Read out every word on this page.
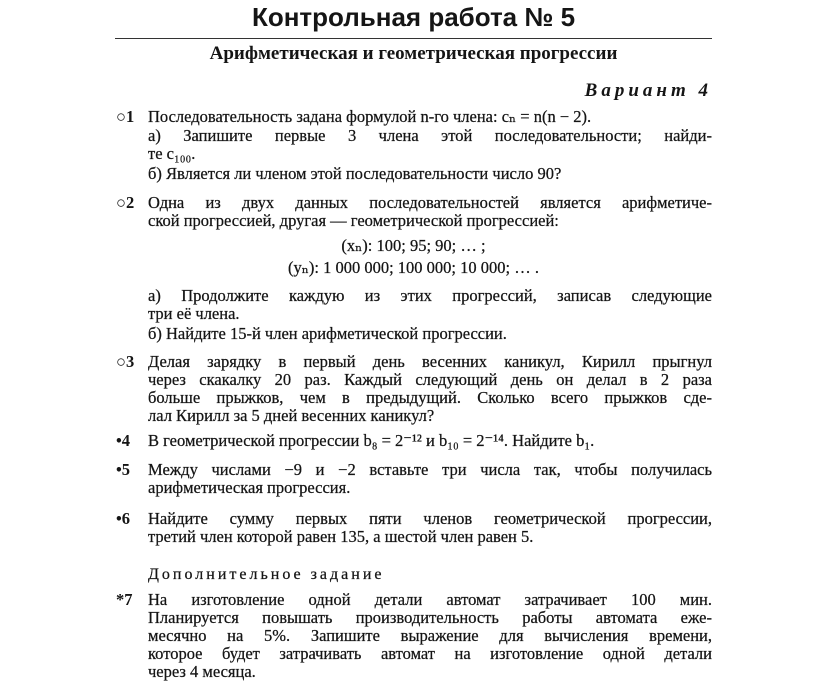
Контрольная работа № 5
Арифметическая и геометрическая прогрессии
Вариант 4
Дополнительное задание
○1 Последовательность задана формулой n-го члена: cₙ = n(n − 2).
а) Запишите первые 3 члена этой последовательности; найди-
те c₁₀₀.
б) Является ли членом этой последовательности число 90?
○2 Одна из двух данных последовательностей является арифметиче-
ской прогрессией, другая — геометрической прогрессией:
(xₙ): 100; 95; 90; … ;
(yₙ): 1 000 000; 100 000; 10 000; … .
а) Продолжите каждую из этих прогрессий, записав следующие
три её члена.
б) Найдите 15-й член арифметической прогрессии.
○3 Делая зарядку в первый день весенних каникул, Кирилл прыгнул
через скакалку 20 раз. Каждый следующий день он делал в 2 раза
больше прыжков, чем в предыдущий. Сколько всего прыжков сде-
лал Кирилл за 5 дней весенних каникул?
•4 В геометрической прогрессии b₈ = 2⁻¹² и b₁₀ = 2⁻¹⁴. Найдите b₁.
•5 Между числами −9 и −2 вставьте три числа так, чтобы получилась
арифметическая прогрессия.
•6 Найдите сумму первых пяти членов геометрической прогрессии,
третий член которой равен 135, а шестой член равен 5.
*7 На изготовление одной детали автомат затрачивает 100 мин.
Планируется повышать производительность работы автомата еже-
месячно на 5%. Запишите выражение для вычисления времени,
которое будет затрачивать автомат на изготовление одной детали
через 4 месяца.
